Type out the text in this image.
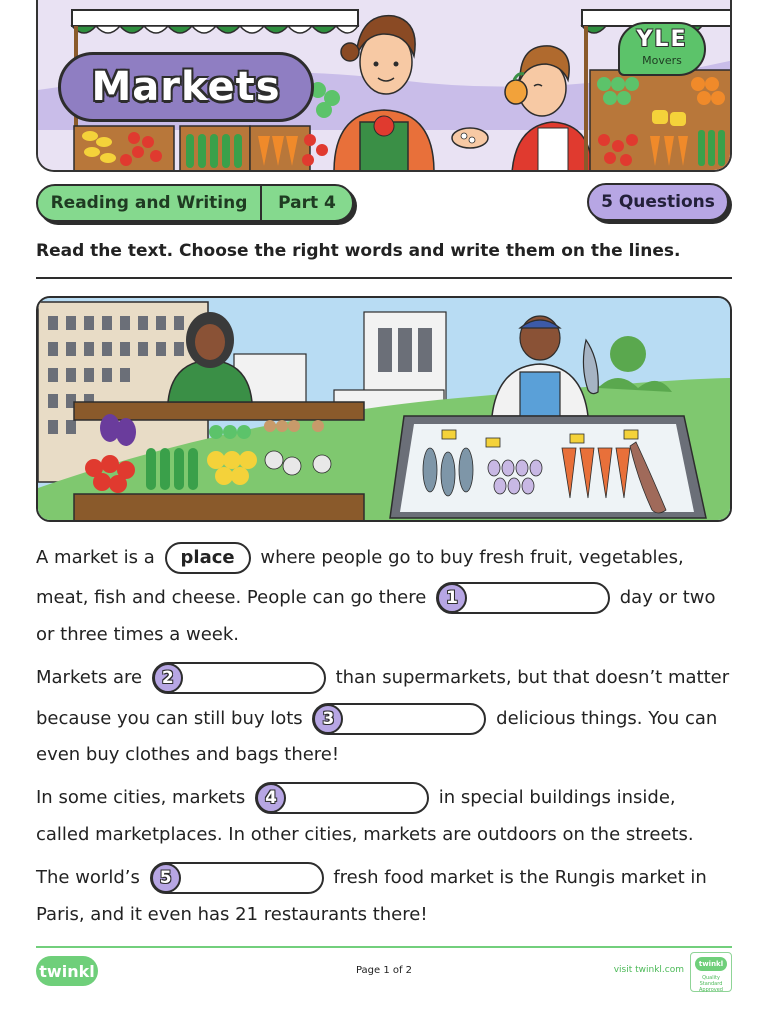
Markets
YLE
Movers
Reading and Writing	Part 4	5 Questions
Read the text. Choose the right words and write them on the lines.
A market is a place where people go to buy fresh fruit, vegetables,
meat, fish and cheese. People can go there	1	day or two
or three times a week.
Markets are	2	than supermarkets, but that doesn’t matter
because you can still buy lots	3	delicious things. You can
even buy clothes and bags there!
In some cities, markets	4	in special buildings inside,
called marketplaces. In other cities, markets are outdoors on the streets.
The world’s	5	fresh food market is the Rungis market in
Paris, and it even has 21 restaurants there!
twinkl	Page 1 of 2	visit twinkl.com
twinkl
Quality Standard Approved
